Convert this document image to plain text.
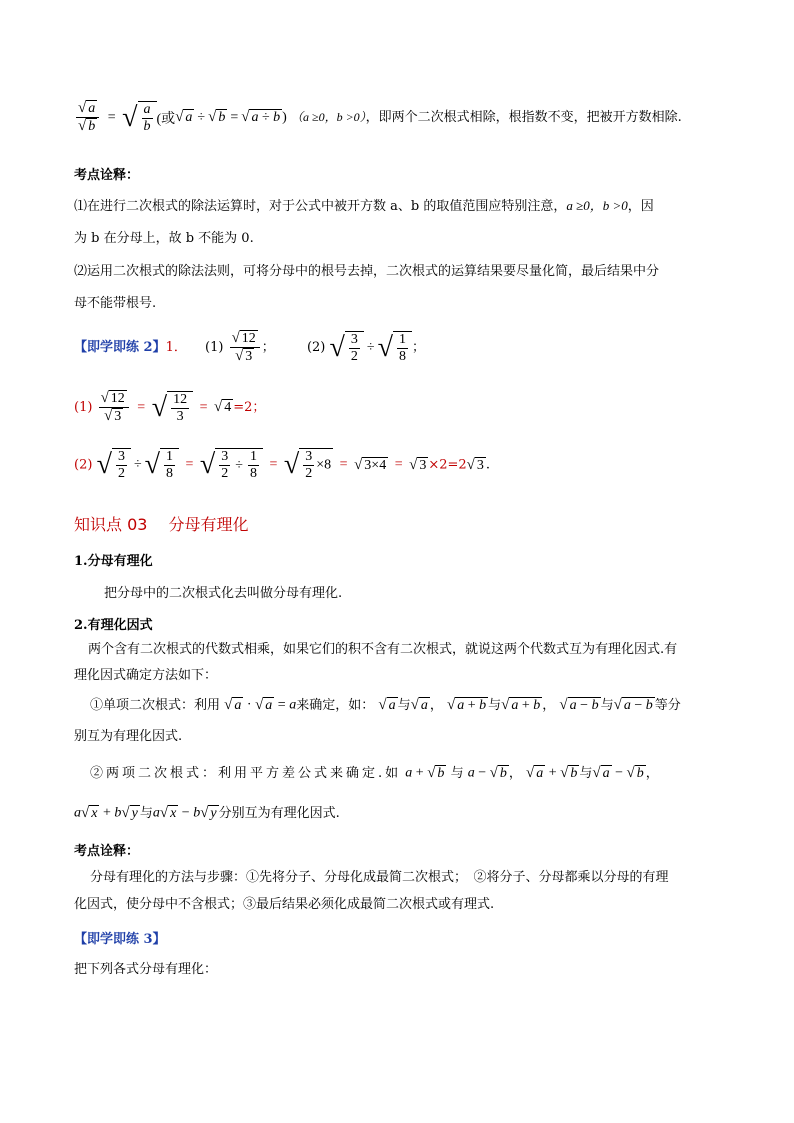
$\frac{√ a}{√ b}$ = √ $\frac{a}{b}$ (或 √ a ÷ √ b = √ a ÷ b ) （a ≥0，b >0），即两个二次根式相除，根指数不变，把被开方数相除.
考点诠释：
⑴在进行二次根式的除法运算时，对于公式中被开方数 a、b 的取值范围应特别注意，a ≥0，b >0，因
为 b 在分母上，故 b 不能为 0.
⑵运用二次根式的除法法则，可将分母中的根号去掉，二次根式的运算结果要尽量化简，最后结果中分
母不能带根号.
【即学即练 2】1． $(1) \frac{√ 12}{√ 3}$ ； (2) √ $\frac{3}{2}$ ÷ √ $\frac{1}{8}$ ；
$(1) \frac{√ 12}{√ 3}$ = √ $\frac{12}{3}$ = √ 4 =2；
(2) √ $\frac{3}{2}$ ÷ √ $\frac{1}{8}$ = √ $\frac{3}{2} \div \frac{1}{8}$ = √ $\frac{3}{2} \times 8$ = √ 3×4 = √ 3 ×2=2 √ 3 .
知识点 03　 分母有理化
1.分母有理化
把分母中的二次根式化去叫做分母有理化.
2.有理化因式
两个含有二次根式的代数式相乘，如果它们的积不含有二次根式，就说这两个代数式互为有理化因式.有
理化因式确定方法如下：
①单项二次根式：利用 √ a · √ a = a来确定，如： √ a 与 √ a ， √ a + b 与 √ a + b ， √ a − b 与 √ a − b 等分
别互为有理化因式.
②两项二次根式：利用平方差公式来确定.如 a + √ b 与 a − √ b ， √ a + √ b 与 √ a − √ b ，
a √ x + b √ y 与a √ x − b √ y 分别互为有理化因式.
考点诠释：
分母有理化的方法与步骤：①先将分子、分母化成最简二次根式；　②将分子、分母都乘以分母的有理
化因式，使分母中不含根式；③最后结果必须化成最简二次根式或有理式.
【即学即练 3】
把下列各式分母有理化：
